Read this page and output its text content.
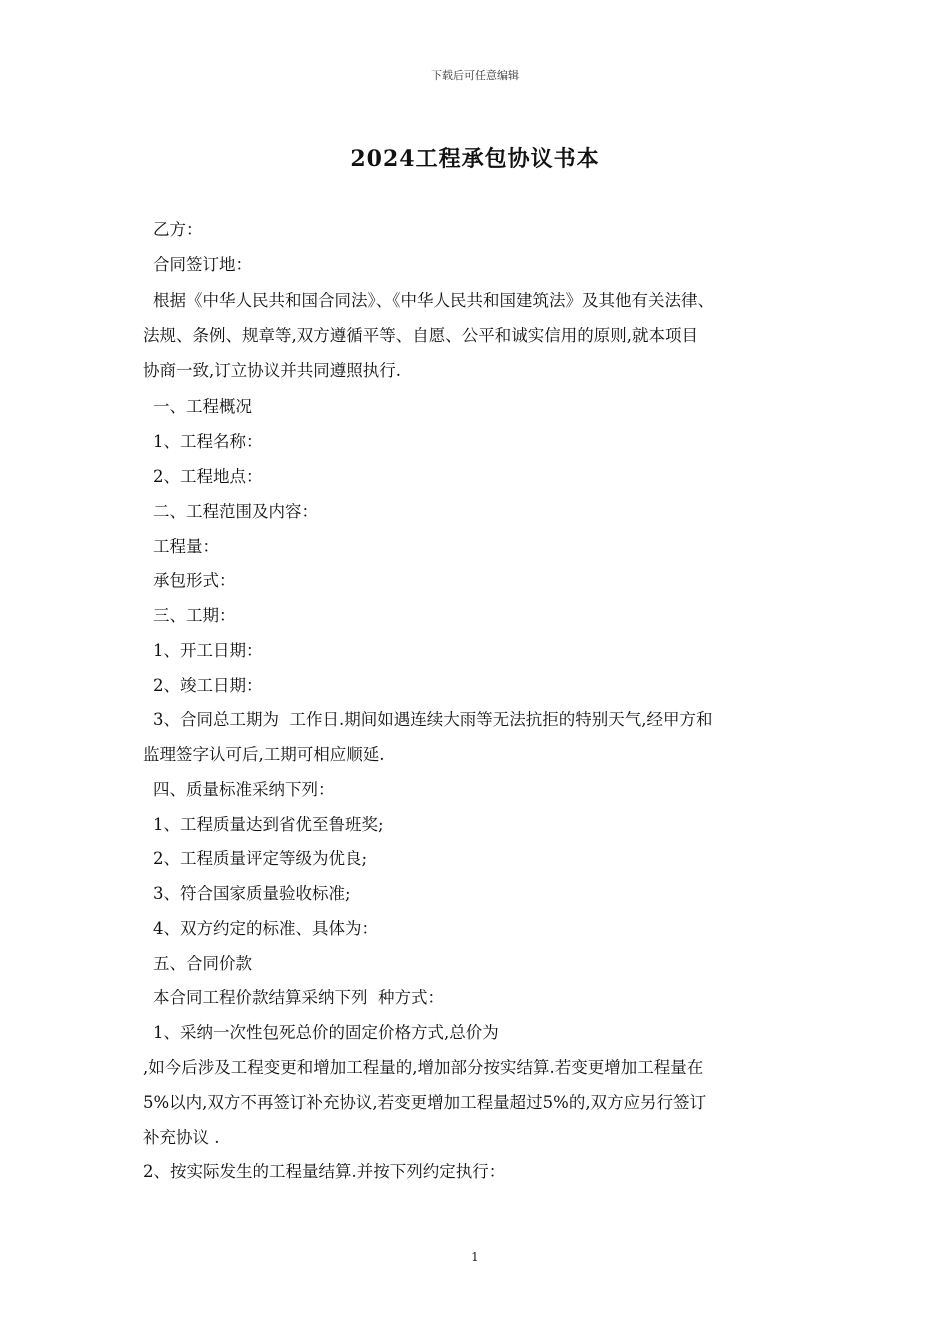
下载后可任意编辑
2024工程承包协议书本
乙方：
合同签订地：
根据《中华人民共和国合同法》、《中华人民共和国建筑法》及其他有关法律、
法规、条例、规章等,双方遵循平等、自愿、公平和诚实信用的原则,就本项目
协商一致,订立协议并共同遵照执行.
一、工程概况
1、工程名称：
2、工程地点：
二、工程范围及内容：
工程量：
承包形式：
三、工期：
1、开工日期：
2、竣工日期：
3、合同总工期为  工作日.期间如遇连续大雨等无法抗拒的特别天气,经甲方和
监理签字认可后,工期可相应顺延.
四、质量标准采纳下列：
1、工程质量达到省优至鲁班奖;
2、工程质量评定等级为优良;
3、符合国家质量验收标准;
4、双方约定的标准、具体为：
五、合同价款
本合同工程价款结算采纳下列  种方式：
1、采纳一次性包死总价的固定价格方式,总价为
,如今后涉及工程变更和增加工程量的,增加部分按实结算.若变更增加工程量在
5%以内,双方不再签订补充协议,若变更增加工程量超过5%的,双方应另行签订
补充协议 .
2、按实际发生的工程量结算.并按下列约定执行：
1
